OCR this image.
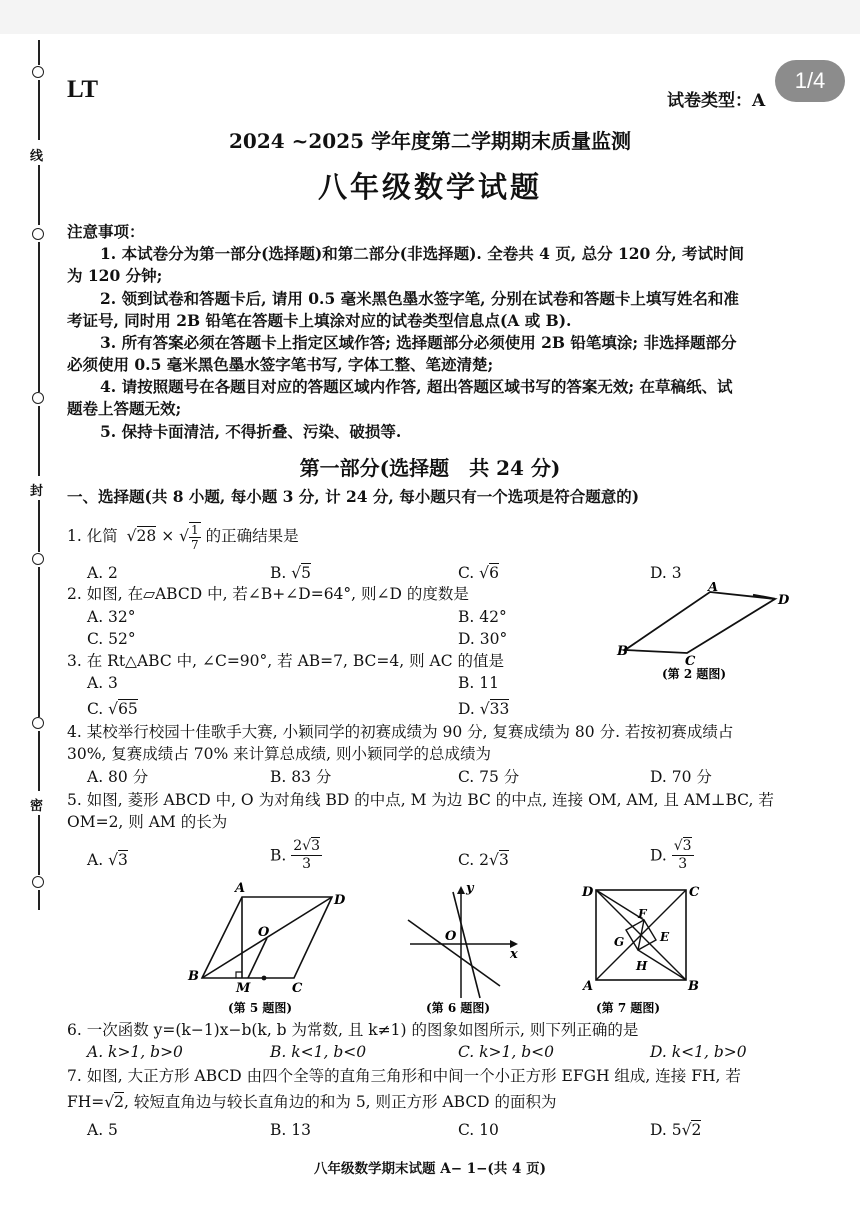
线
封
密
LT	试卷类型：A
1/4
2024 ~2025 学年度第二学期期末质量监测
八年级数学试题
注意事项：
1. 本试卷分为第一部分(选择题)和第二部分(非选择题). 全卷共 4 页, 总分 120 分, 考试时间
为 120 分钟;
2. 领到试卷和答题卡后, 请用 0.5 毫米黑色墨水签字笔, 分别在试卷和答题卡上填写姓名和准
考证号, 同时用 2B 铅笔在答题卡上填涂对应的试卷类型信息点(A 或 B).
3. 所有答案必须在答题卡上指定区域作答; 选择题部分必须使用 2B 铅笔填涂; 非选择题部分
必须使用 0.5 毫米黑色墨水签字笔书写, 字体工整、笔迹清楚;
4. 请按照题号在各题目对应的答题区域内作答, 超出答题区域书写的答案无效; 在草稿纸、试
题卷上答题无效;
5. 保持卡面清洁, 不得折叠、污染、破损等.
第一部分(选择题　共 24 分)
一、选择题(共 8 小题, 每小题 3 分, 计 24 分, 每小题只有一个选项是符合题意的)
1. 化简 √28 × √ $\frac{1}{7}$ 的正确结果是
A. 2	B. √5	C. √6	D. 3
2. 如图, 在▱ABCD 中, 若∠B+∠D=64°, 则∠D 的度数是
A. 32°	B. 42°
C. 52°	D. 30°
A
D
B
C
(第 2 题图)
3. 在 Rt△ABC 中, ∠C=90°, 若 AB=7, BC=4, 则 AC 的值是
A. 3	B. 11
C. √65	D. √33
4. 某校举行校园十佳歌手大赛, 小颖同学的初赛成绩为 90 分, 复赛成绩为 80 分. 若按初赛成绩占
30%, 复赛成绩占 70% 来计算总成绩, 则小颖同学的总成绩为
A. 80 分	B. 83 分	C. 75 分	D. 70 分
5. 如图, 菱形 ABCD 中, O 为对角线 BD 的中点, M 为边 BC 的中点, 连接 OM, AM, 且 AM⊥BC, 若
OM=2, 则 AM 的长为
A. √3	B. $\frac{2√3}{3}$	C. 2√3	D. $\frac{√3}{3}$
A
D
B
C
O
M
(第 5 题图)
y
x
O
(第 6 题图)
D	C
A	B
F
E
G
H
(第 7 题图)
6. 一次函数 y=(k−1)x−b(k, b 为常数, 且 k≠1) 的图象如图所示, 则下列正确的是
A. k>1, b>0	B. k<1, b<0	C. k>1, b<0	D. k<1, b>0
7. 如图, 大正方形 ABCD 由四个全等的直角三角形和中间一个小正方形 EFGH 组成, 连接 FH, 若
FH=√2, 较短直角边与较长直角边的和为 5, 则正方形 ABCD 的面积为
A. 5	B. 13	C. 10	D. 5√2
八年级数学期末试题 A− 1−(共 4 页)
